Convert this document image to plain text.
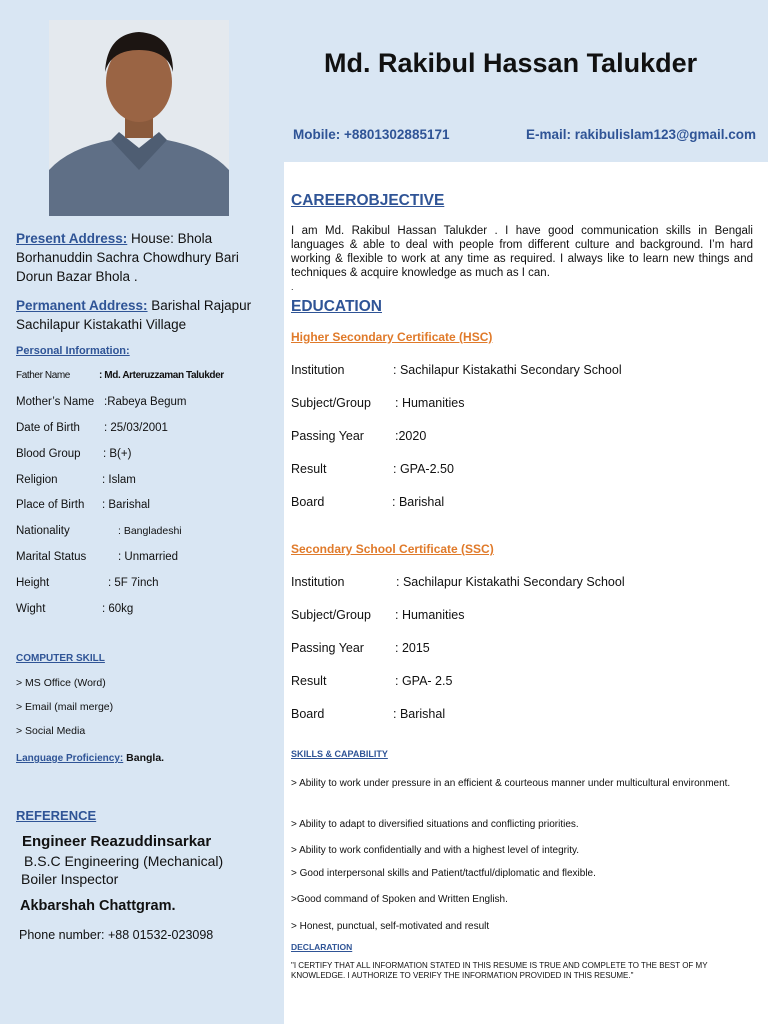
Md. Rakibul Hassan Talukder
Mobile: +8801302885171	E-mail: rakibulislam123@gmail.com
Present Address: House: Bhola Borhanuddin Sachra Chowdhury Bari Dorun Bazar Bhola .
Permanent Address: Barishal Rajapur Sachilapur Kistakathi Village
Personal Information:
Father Name	: Md. Arteruzzaman Talukder
Mother’s Name :Rabeya Begum
Date of Birth : 25/03/2001
Blood Group : B(+)
Religion	: Islam
Place of Birth : Barishal
Nationality	: Bangladeshi
Marital Status	: Unmarried
Height	: 5F 7inch
Wight	: 60kg
COMPUTER SKILL
> MS Office (Word)
> Email (mail merge)
> Social Media
Language Proficiency: Bangla.
REFERENCE
Engineer Reazuddinsarkar
B.S.C Engineering (Mechanical)
Boiler Inspector
Akbarshah Chattgram.
Phone number: +88 01532-023098
CAREEROBJECTIVE
I am Md. Rakibul Hassan Talukder . I have good communication skills in Bengali languages & able to deal with people from different culture and background. I’m hard working & flexible to work at any time as required. I always like to learn new things and techniques & acquire knowledge as much as I can.
.
EDUCATION
Higher Secondary Certificate (HSC)
Institution	: Sachilapur Kistakathi Secondary School
Subject/Group : Humanities
Passing Year :2020
Result	: GPA-2.50
Board	: Barishal
Secondary School Certificate (SSC)
Institution	: Sachilapur Kistakathi Secondary School
Subject/Group : Humanities
Passing Year : 2015
Result	: GPA- 2.5
Board	: Barishal
SKILLS & CAPABILITY
> Ability to work under pressure in an efficient & courteous manner under multicultural environment.
> Ability to adapt to diversified situations and conflicting priorities.
> Ability to work confidentially and with a highest level of integrity.
> Good interpersonal skills and Patient/tactful/diplomatic and flexible.
>Good command of Spoken and Written English.
> Honest, punctual, self-motivated and result
DECLARATION
"I CERTIFY THAT ALL INFORMATION STATED IN THIS RESUME IS TRUE AND COMPLETE TO THE BEST OF MY KNOWLEDGE. I AUTHORIZE TO VERIFY THE INFORMATION PROVIDED IN THIS RESUME."
